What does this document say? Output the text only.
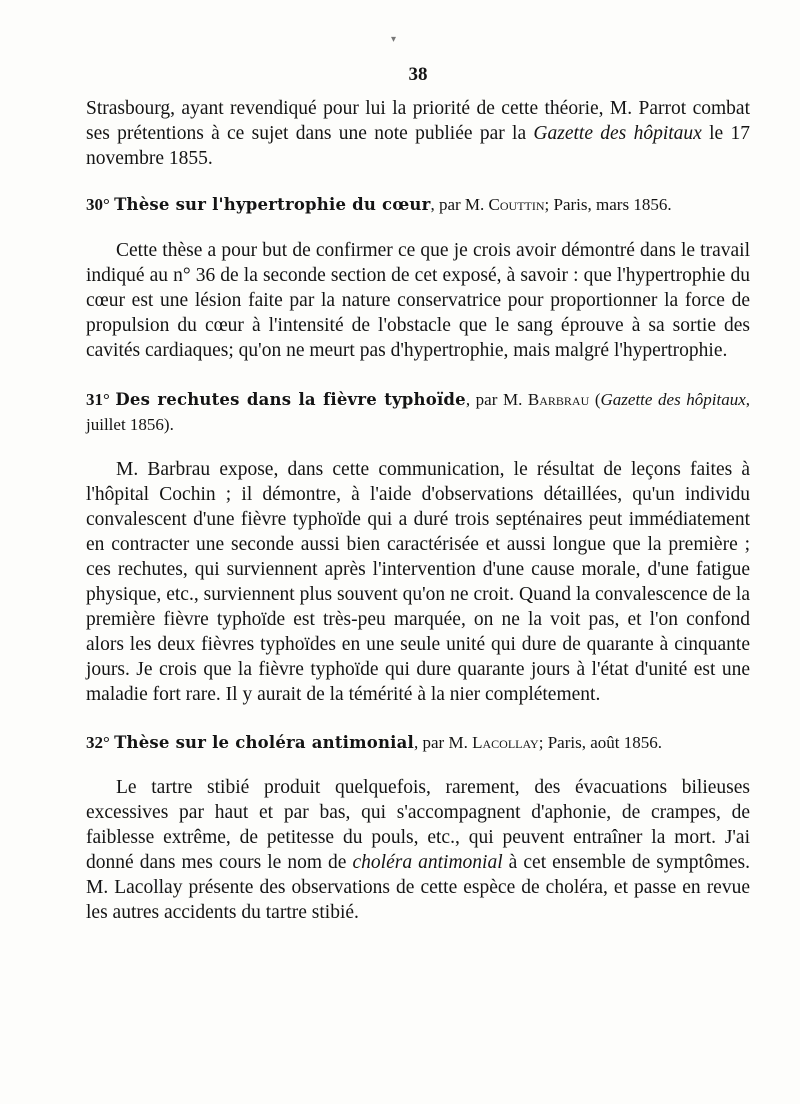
▾
38

Strasbourg, ayant revendiqué pour lui la priorité de cette théorie, M. Parrot combat ses prétentions à ce sujet dans une note publiée par la Gazette des hôpitaux le 17 novembre 1855.

30° Thèse sur l'hypertrophie du cœur, par M. Couttin; Paris, mars 1856.

Cette thèse a pour but de confirmer ce que je crois avoir démontré dans le travail indiqué au n° 36 de la seconde section de cet exposé, à savoir : que l'hypertrophie du cœur est une lésion faite par la nature conservatrice pour proportionner la force de propulsion du cœur à l'intensité de l'obstacle que le sang éprouve à sa sortie des cavités cardiaques; qu'on ne meurt pas d'hypertrophie, mais malgré l'hypertrophie.

31° Des rechutes dans la fièvre typhoïde, par M. Barbrau (Gazette des hôpitaux, juillet 1856).

M. Barbrau expose, dans cette communication, le résultat de leçons faites à l'hôpital Cochin ; il démontre, à l'aide d'observations détaillées, qu'un individu convalescent d'une fièvre typhoïde qui a duré trois septénaires peut immédiatement en contracter une seconde aussi bien caractérisée et aussi longue que la première ; ces rechutes, qui surviennent après l'intervention d'une cause morale, d'une fatigue physique, etc., surviennent plus souvent qu'on ne croit. Quand la convalescence de la première fièvre typhoïde est très-peu marquée, on ne la voit pas, et l'on confond alors les deux fièvres typhoïdes en une seule unité qui dure de quarante à cinquante jours. Je crois que la fièvre typhoïde qui dure quarante jours à l'état d'unité est une maladie fort rare. Il y aurait de la témérité à la nier complétement.

32° Thèse sur le choléra antimonial, par M. Lacollay; Paris, août 1856.

Le tartre stibié produit quelquefois, rarement, des évacuations bilieuses excessives par haut et par bas, qui s'accompagnent d'aphonie, de crampes, de faiblesse extrême, de petitesse du pouls, etc., qui peuvent entraîner la mort. J'ai donné dans mes cours le nom de choléra antimonial à cet ensemble de symptômes. M. Lacollay présente des observations de cette espèce de choléra, et passe en revue les autres accidents du tartre stibié.
